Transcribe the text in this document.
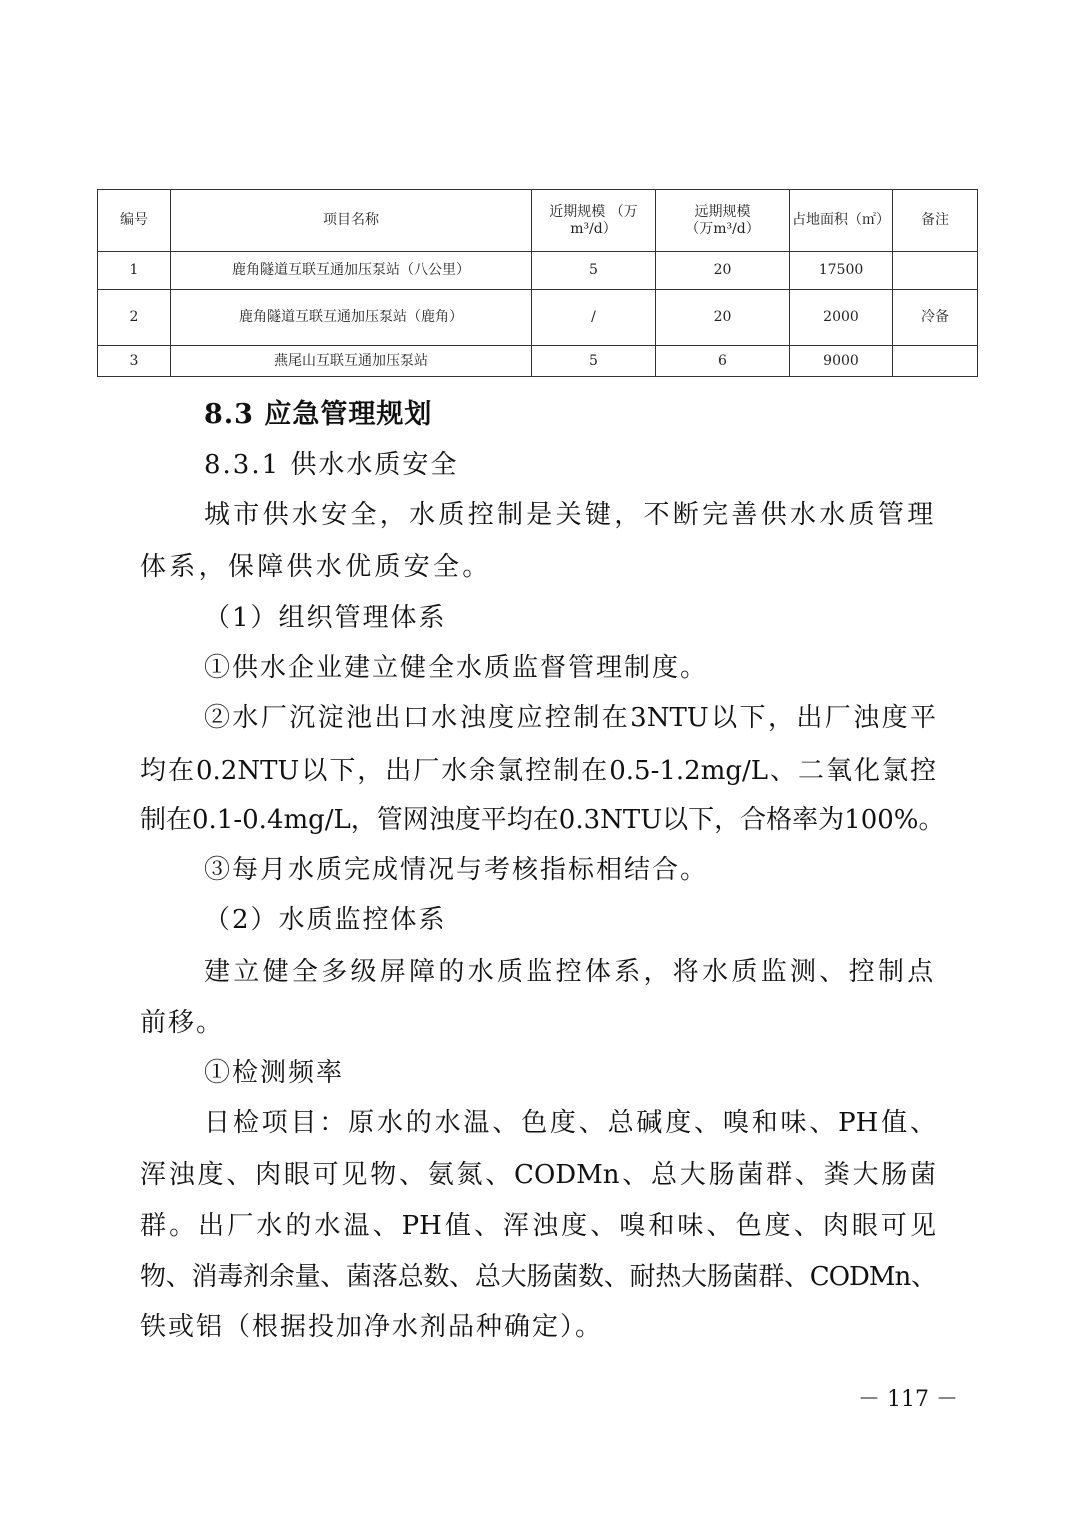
编号	项目名称	近期规模 （万m³/d）	远期规模 （万m³/d）	占地面积（㎡）	备注
1	鹿角隧道互联互通加压泵站（八公里）	5	20	17500	
2	鹿角隧道互联互通加压泵站（鹿角）	/	20	2000	冷备
3	燕尾山互联互通加压泵站	5	6	9000	
8.3 应急管理规划
8.3.1 供水水质安全
城市供水安全，水质控制是关键，不断完善供水水质管理
体系，保障供水优质安全。
（1）组织管理体系
①供水企业建立健全水质监督管理制度。
②水厂沉淀池出口水浊度应控制在3NTU以下，出厂浊度平
均在0.2NTU以下，出厂水余氯控制在0.5-1.2mg/L、二氧化氯控
制在0.1-0.4mg/L，管网浊度平均在0.3NTU以下，合格率为100%。
③每月水质完成情况与考核指标相结合。
（2）水质监控体系
建立健全多级屏障的水质监控体系，将水质监测、控制点
前移。
①检测频率
日检项目：原水的水温、色度、总碱度、嗅和味、PH值、
浑浊度、肉眼可见物、氨氮、CODMn、总大肠菌群、粪大肠菌
群。出厂水的水温、PH值、浑浊度、嗅和味、色度、肉眼可见
物、消毒剂余量、菌落总数、总大肠菌数、耐热大肠菌群、CODMn、
铁或铝（根据投加净水剂品种确定）。
－ 117 －
